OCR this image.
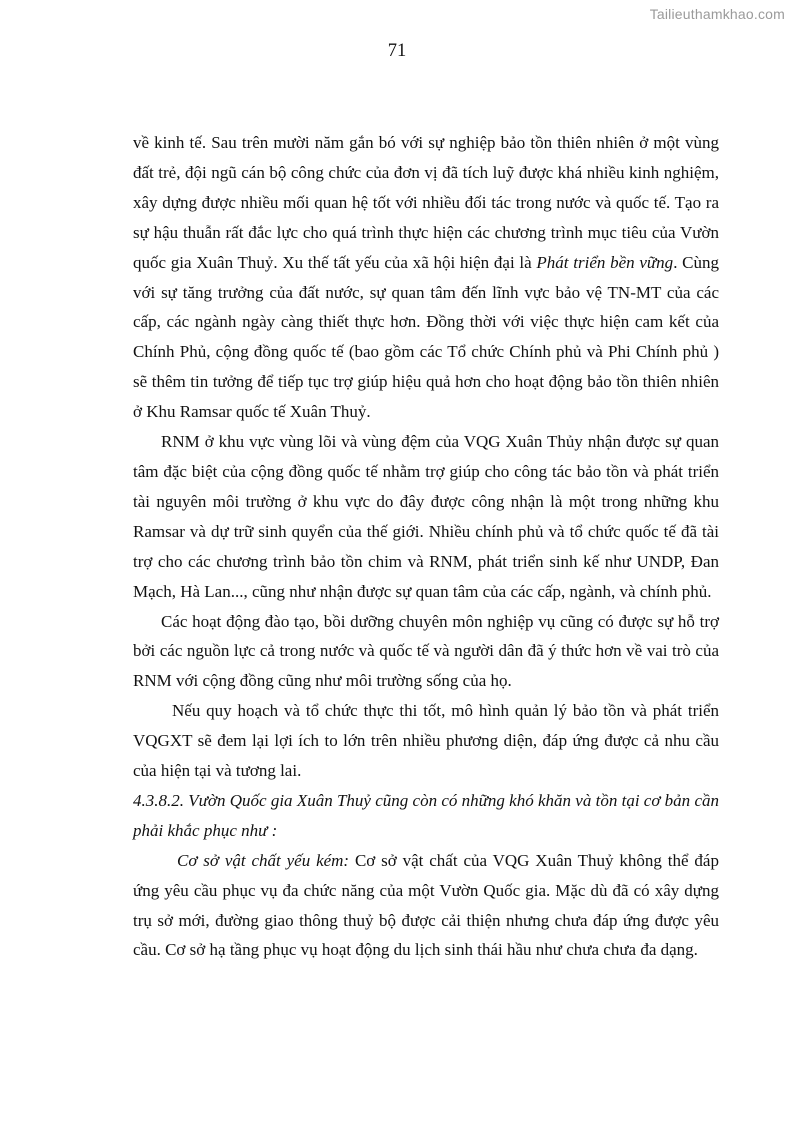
Tailieuthamkhao.com
71

về kinh tế. Sau trên mười năm gắn bó với sự nghiệp bảo tồn thiên nhiên ở một vùng đất trẻ, đội ngũ cán bộ công chức của đơn vị đã tích luỹ được khá nhiều kinh nghiệm, xây dựng được nhiều mối quan hệ tốt với nhiều đối tác trong nước và quốc tế. Tạo ra sự hậu thuẫn rất đắc lực cho quá trình thực hiện các chương trình mục tiêu của Vườn quốc gia Xuân Thuỷ. Xu thế tất yếu của xã hội hiện đại là Phát triển bền vững. Cùng với sự tăng trưởng của đất nước, sự quan tâm đến lĩnh vực bảo vệ TN-MT của các cấp, các ngành ngày càng thiết thực hơn. Đồng thời với việc thực hiện cam kết của Chính Phủ, cộng đồng quốc tế (bao gồm các Tổ chức Chính phủ và Phi Chính phủ ) sẽ thêm tin tưởng để tiếp tục trợ giúp hiệu quả hơn cho hoạt động bảo tồn thiên nhiên ở Khu Ramsar quốc tế Xuân Thuỷ.

RNM ở khu vực vùng lõi và vùng đệm của VQG Xuân Thủy nhận được sự quan tâm đặc biệt của cộng đồng quốc tế nhằm trợ giúp cho công tác bảo tồn và phát triển tài nguyên môi trường ở khu vực do đây được công nhận là một trong những khu Ramsar và dự trữ sinh quyển của thế giới. Nhiều chính phủ và tổ chức quốc tế đã tài trợ cho các chương trình bảo tồn chim và RNM, phát triển sinh kế như UNDP, Đan Mạch, Hà Lan..., cũng như nhận được sự quan tâm của các cấp, ngành, và chính phủ.

Các hoạt động đào tạo, bồi dưỡng chuyên môn nghiệp vụ cũng có được sự hỗ trợ bởi các nguồn lực cả trong nước và quốc tế và người dân đã ý thức hơn về vai trò của RNM với cộng đồng cũng như môi trường sống của họ.

Nếu quy hoạch và tổ chức thực thi tốt, mô hình quản lý bảo tồn và phát triển VQGXT sẽ đem lại lợi ích to lớn trên nhiều phương diện, đáp ứng được cả nhu cầu của hiện tại và tương lai.

4.3.8.2. Vườn Quốc gia Xuân Thuỷ cũng còn có những khó khăn và tồn tại cơ bản cần phải khắc phục như :

Cơ sở vật chất yếu kém: Cơ sở vật chất của VQG Xuân Thuỷ không thể đáp ứng yêu cầu phục vụ đa chức năng của một Vườn Quốc gia. Mặc dù đã có xây dựng trụ sở mới, đường giao thông thuỷ bộ được cải thiện nhưng chưa đáp ứng được yêu cầu. Cơ sở hạ tầng phục vụ hoạt động du lịch sinh thái hầu như chưa chưa đa dạng.
